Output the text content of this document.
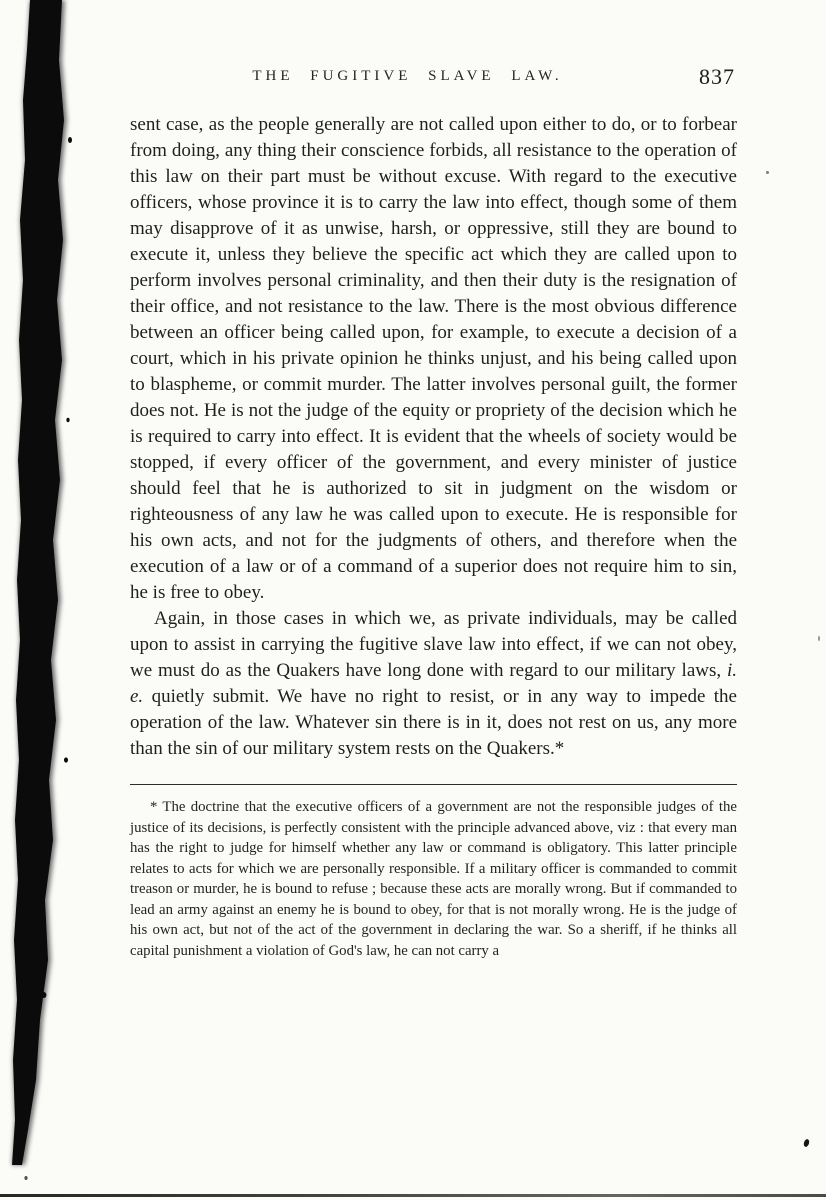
THE FUGITIVE SLAVE LAW.	837

sent case, as the people generally are not called upon either to do, or to forbear from doing, any thing their conscience forbids, all resistance to the operation of this law on their part must be without excuse. With regard to the executive officers, whose province it is to carry the law into effect, though some of them may disapprove of it as unwise, harsh, or oppressive, still they are bound to execute it, unless they believe the specific act which they are called upon to perform involves personal criminality, and then their duty is the resignation of their office, and not resistance to the law. There is the most obvious difference between an officer being called upon, for example, to execute a decision of a court, which in his private opinion he thinks unjust, and his being called upon to blaspheme, or commit murder. The latter involves personal guilt, the former does not. He is not the judge of the equity or propriety of the decision which he is required to carry into effect. It is evident that the wheels of society would be stopped, if every officer of the government, and every minister of justice should feel that he is authorized to sit in judgment on the wisdom or righteousness of any law he was called upon to execute. He is responsible for his own acts, and not for the judgments of others, and therefore when the execution of a law or of a command of a superior does not require him to sin, he is free to obey.

Again, in those cases in which we, as private individuals, may be called upon to assist in carrying the fugitive slave law into effect, if we can not obey, we must do as the Quakers have long done with regard to our military laws, i. e. quietly submit. We have no right to resist, or in any way to impede the operation of the law. Whatever sin there is in it, does not rest on us, any more than the sin of our military system rests on the Quakers.*

* The doctrine that the executive officers of a government are not the responsible judges of the justice of its decisions, is perfectly consistent with the principle advanced above, viz : that every man has the right to judge for himself whether any law or command is obligatory. This latter principle relates to acts for which we are personally responsible. If a military officer is commanded to commit treason or murder, he is bound to refuse ; because these acts are morally wrong. But if commanded to lead an army against an enemy he is bound to obey, for that is not morally wrong. He is the judge of his own act, but not of the act of the government in declaring the war. So a sheriff, if he thinks all capital punishment a violation of God's law, he can not carry a
